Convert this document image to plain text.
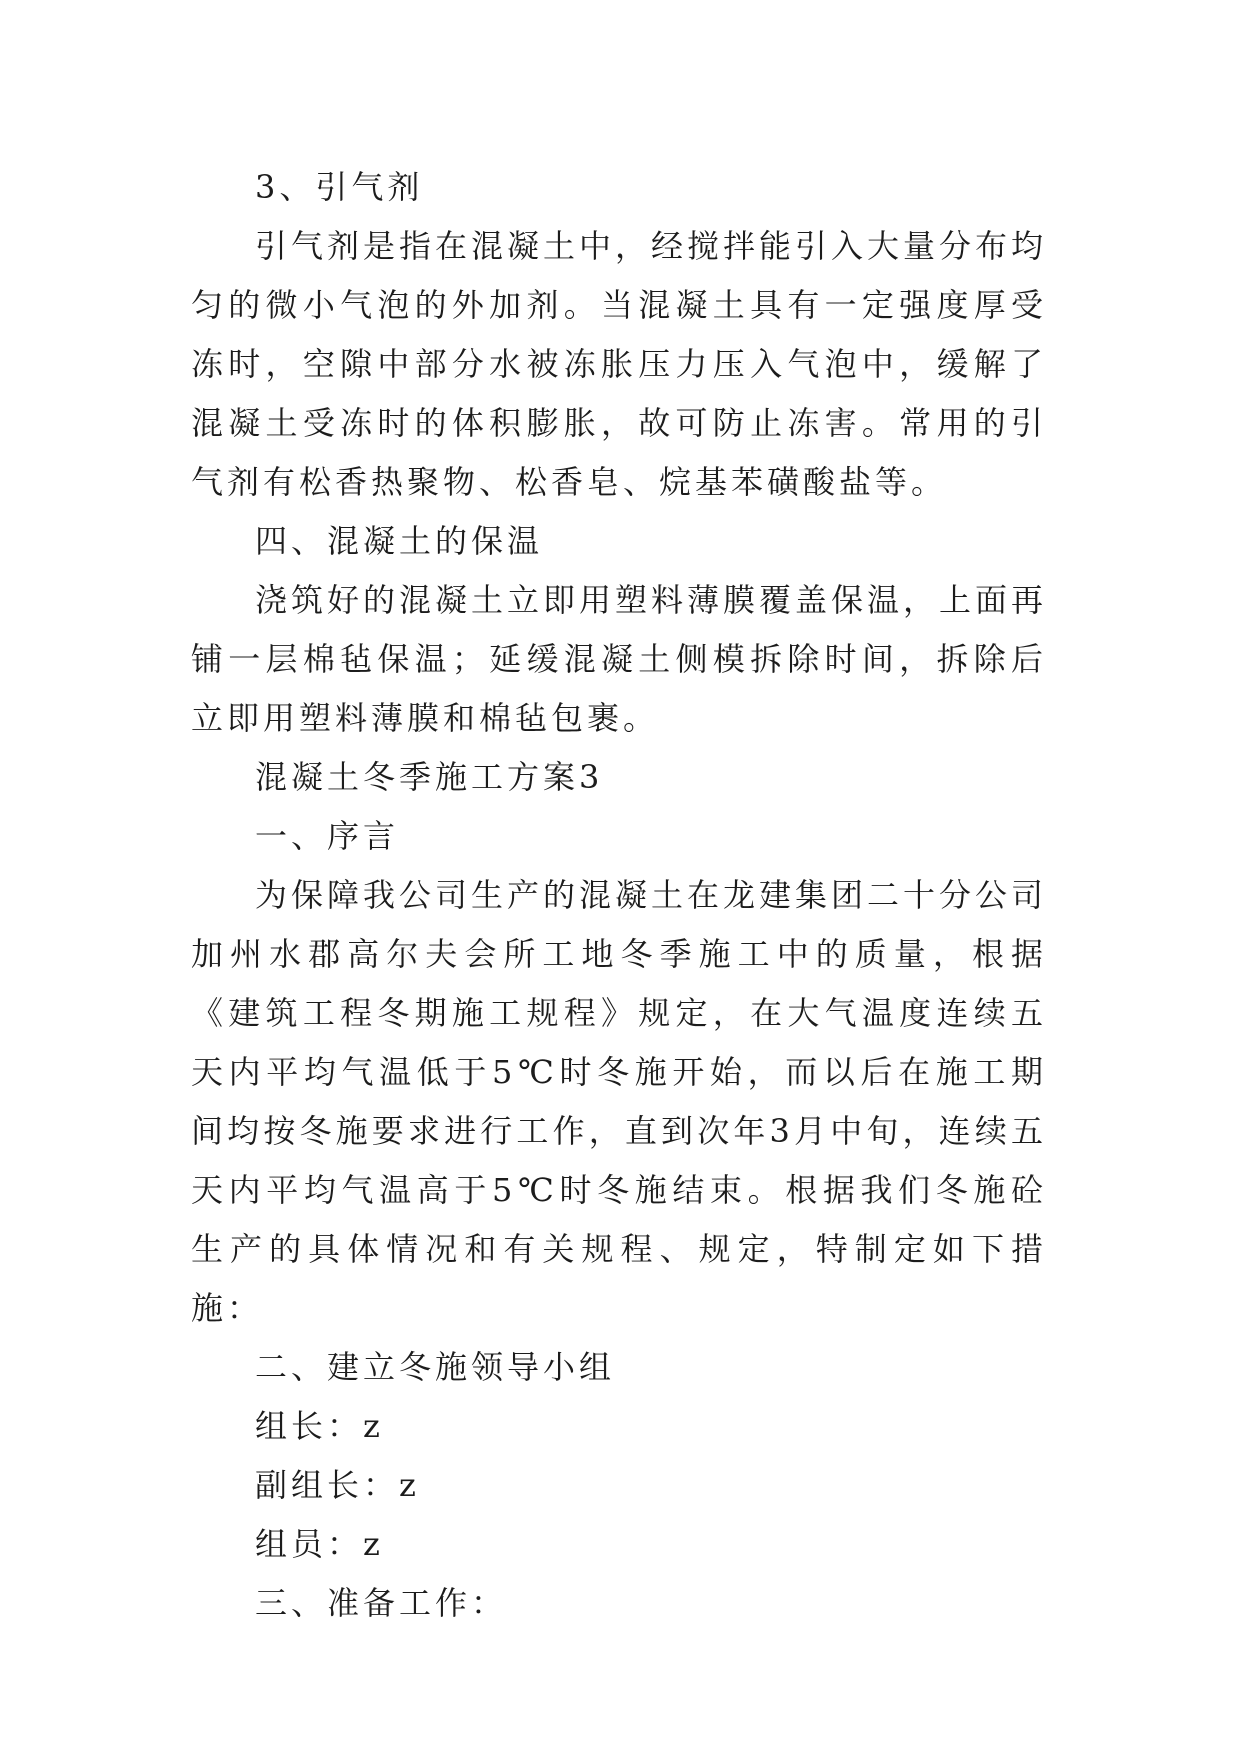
3、引气剂

引气剂是指在混凝土中，经搅拌能引入大量分布均匀的微小气泡的外加剂。当混凝土具有一定强度厚受冻时，空隙中部分水被冻胀压力压入气泡中，缓解了混凝土受冻时的体积膨胀，故可防止冻害。常用的引气剂有松香热聚物、松香皂、烷基苯磺酸盐等。

四、混凝土的保温

浇筑好的混凝土立即用塑料薄膜覆盖保温，上面再铺一层棉毡保温；延缓混凝土侧模拆除时间，拆除后立即用塑料薄膜和棉毡包裹。

混凝土冬季施工方案3

一、序言

为保障我公司生产的混凝土在龙建集团二十分公司加州水郡高尔夫会所工地冬季施工中的质量，根据《建筑工程冬期施工规程》规定，在大气温度连续五天内平均气温低于5℃时冬施开始，而以后在施工期间均按冬施要求进行工作，直到次年3月中旬，连续五天内平均气温高于5℃时冬施结束。根据我们冬施砼生产的具体情况和有关规程、规定，特制定如下措施：

二、建立冬施领导小组

组长：z

副组长：z

组员：z

三、准备工作：
